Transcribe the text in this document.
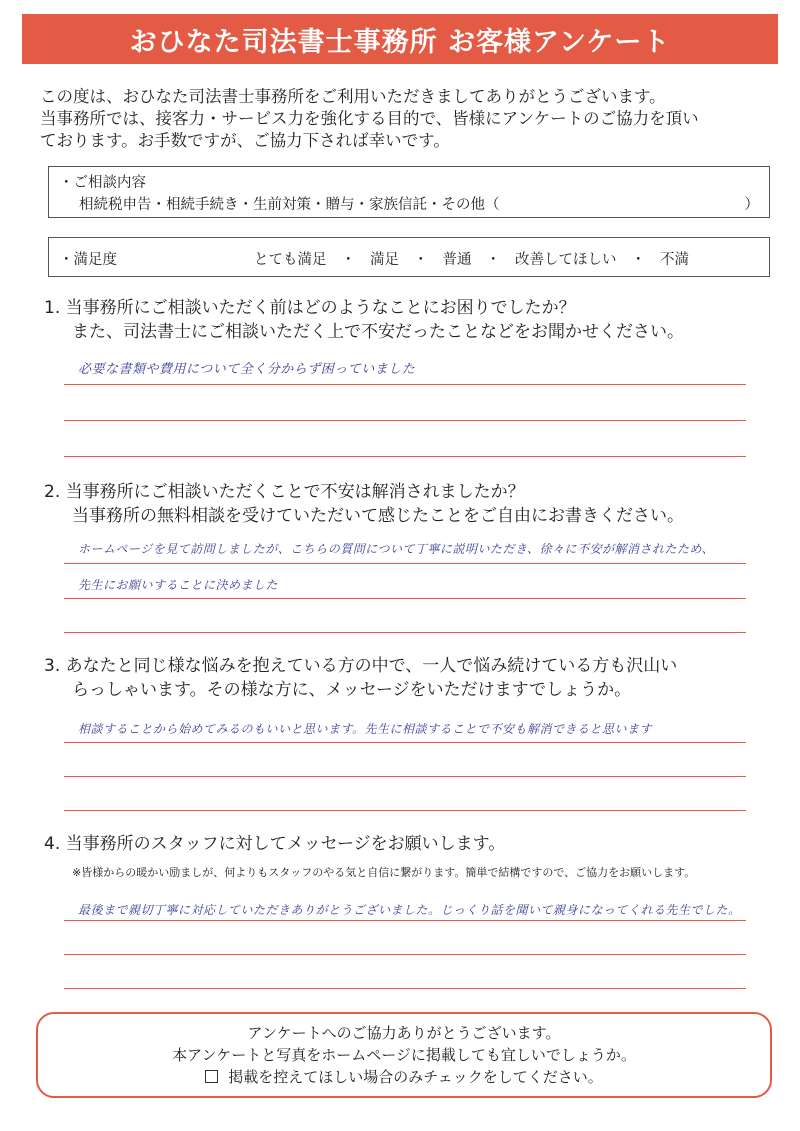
おひなた司法書士事務所 お客様アンケート

この度は、おひなた司法書士事務所をご利用いただきましてありがとうございます。

当事務所では、接客力・サービス力を強化する目的で、皆様にアンケートのご協力を頂い

ております。お手数ですが、ご協力下されば幸いです。

・ご相談内容
相続税申告・相続手続き・生前対策・贈与・家族信託・その他（	）
・満足度	とても満足　・　満足　・　普通　・　改善してほしい　・　不満

1. 当事務所にご相談いただく前はどのようなことにお困りでしたか？

また、司法書士にご相談いただく上で不安だったことなどをお聞かせください。

必要な書類や費用について全く分からず困っていました

2. 当事務所にご相談いただくことで不安は解消されましたか？

当事務所の無料相談を受けていただいて感じたことをご自由にお書きください。

ホームページを見て訪問しましたが、こちらの質問について丁寧に説明いただき、徐々に不安が解消されたため、
先生にお願いすることに決めました

3. あなたと同じ様な悩みを抱えている方の中で、一人で悩み続けている方も沢山い

らっしゃいます。その様な方に、メッセージをいただけますでしょうか。

相談することから始めてみるのもいいと思います。先生に相談することで不安も解消できると思います

4. 当事務所のスタッフに対してメッセージをお願いします。

※皆様からの暖かい励ましが、何よりもスタッフのやる気と自信に繋がります。簡単で結構ですので、ご協力をお願いします。
最後まで親切丁寧に対応していただきありがとうございました。じっくり話を聞いて親身になってくれる先生でした。

アンケートへのご協力ありがとうございます。

本アンケートと写真をホームページに掲載しても宜しいでしょうか。

掲載を控えてほしい場合のみチェックをしてください。
